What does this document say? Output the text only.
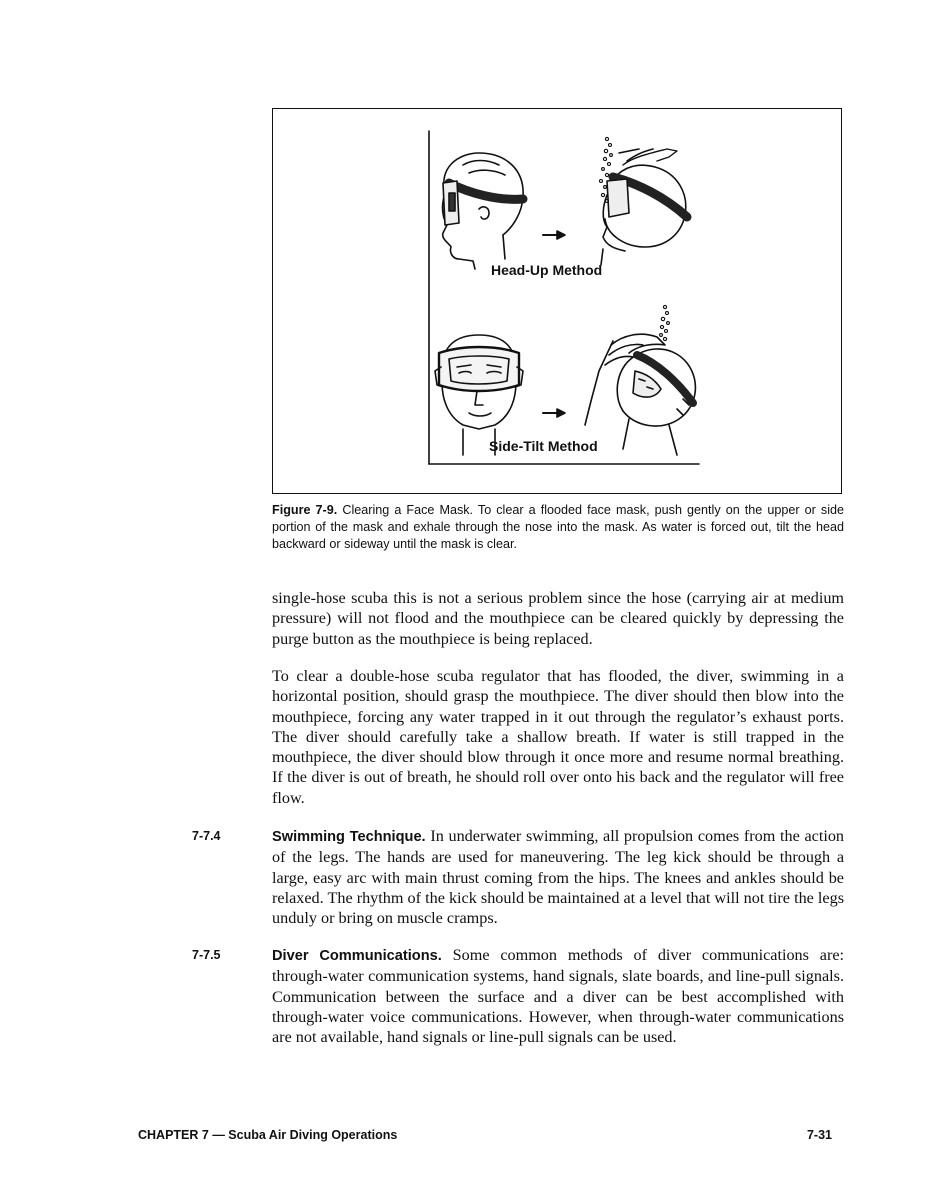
Head-Up Method
Side-Tilt Method
Figure 7-9. Clearing a Face Mask. To clear a flooded face mask, push gently on the upper or side portion of the mask and exhale through the nose into the mask. As water is forced out, tilt the head backward or sideway until the mask is clear.
single-hose scuba this is not a serious problem since the hose (carrying air at medium pressure) will not flood and the mouthpiece can be cleared quickly by depressing the purge button as the mouthpiece is being replaced.
To clear a double-hose scuba regulator that has flooded, the diver, swimming in a horizontal position, should grasp the mouthpiece. The diver should then blow into the mouthpiece, forcing any water trapped in it out through the regulator’s exhaust ports. The diver should carefully take a shallow breath. If water is still trapped in the mouthpiece, the diver should blow through it once more and resume normal breathing. If the diver is out of breath, he should roll over onto his back and the regulator will free flow.
7-7.4	Swimming Technique. In underwater swimming, all propulsion comes from the action of the legs. The hands are used for maneuvering. The leg kick should be through a large, easy arc with main thrust coming from the hips. The knees and ankles should be relaxed. The rhythm of the kick should be maintained at a level that will not tire the legs unduly or bring on muscle cramps.
7-7.5	Diver Communications. Some common methods of diver communications are: through-water communication systems, hand signals, slate boards, and line-pull signals. Communication between the surface and a diver can be best accomplished with through-water voice communications. However, when through-water communications are not available, hand signals or line-pull signals can be used.
CHAPTER 7 — Scuba Air Diving Operations	7-31
